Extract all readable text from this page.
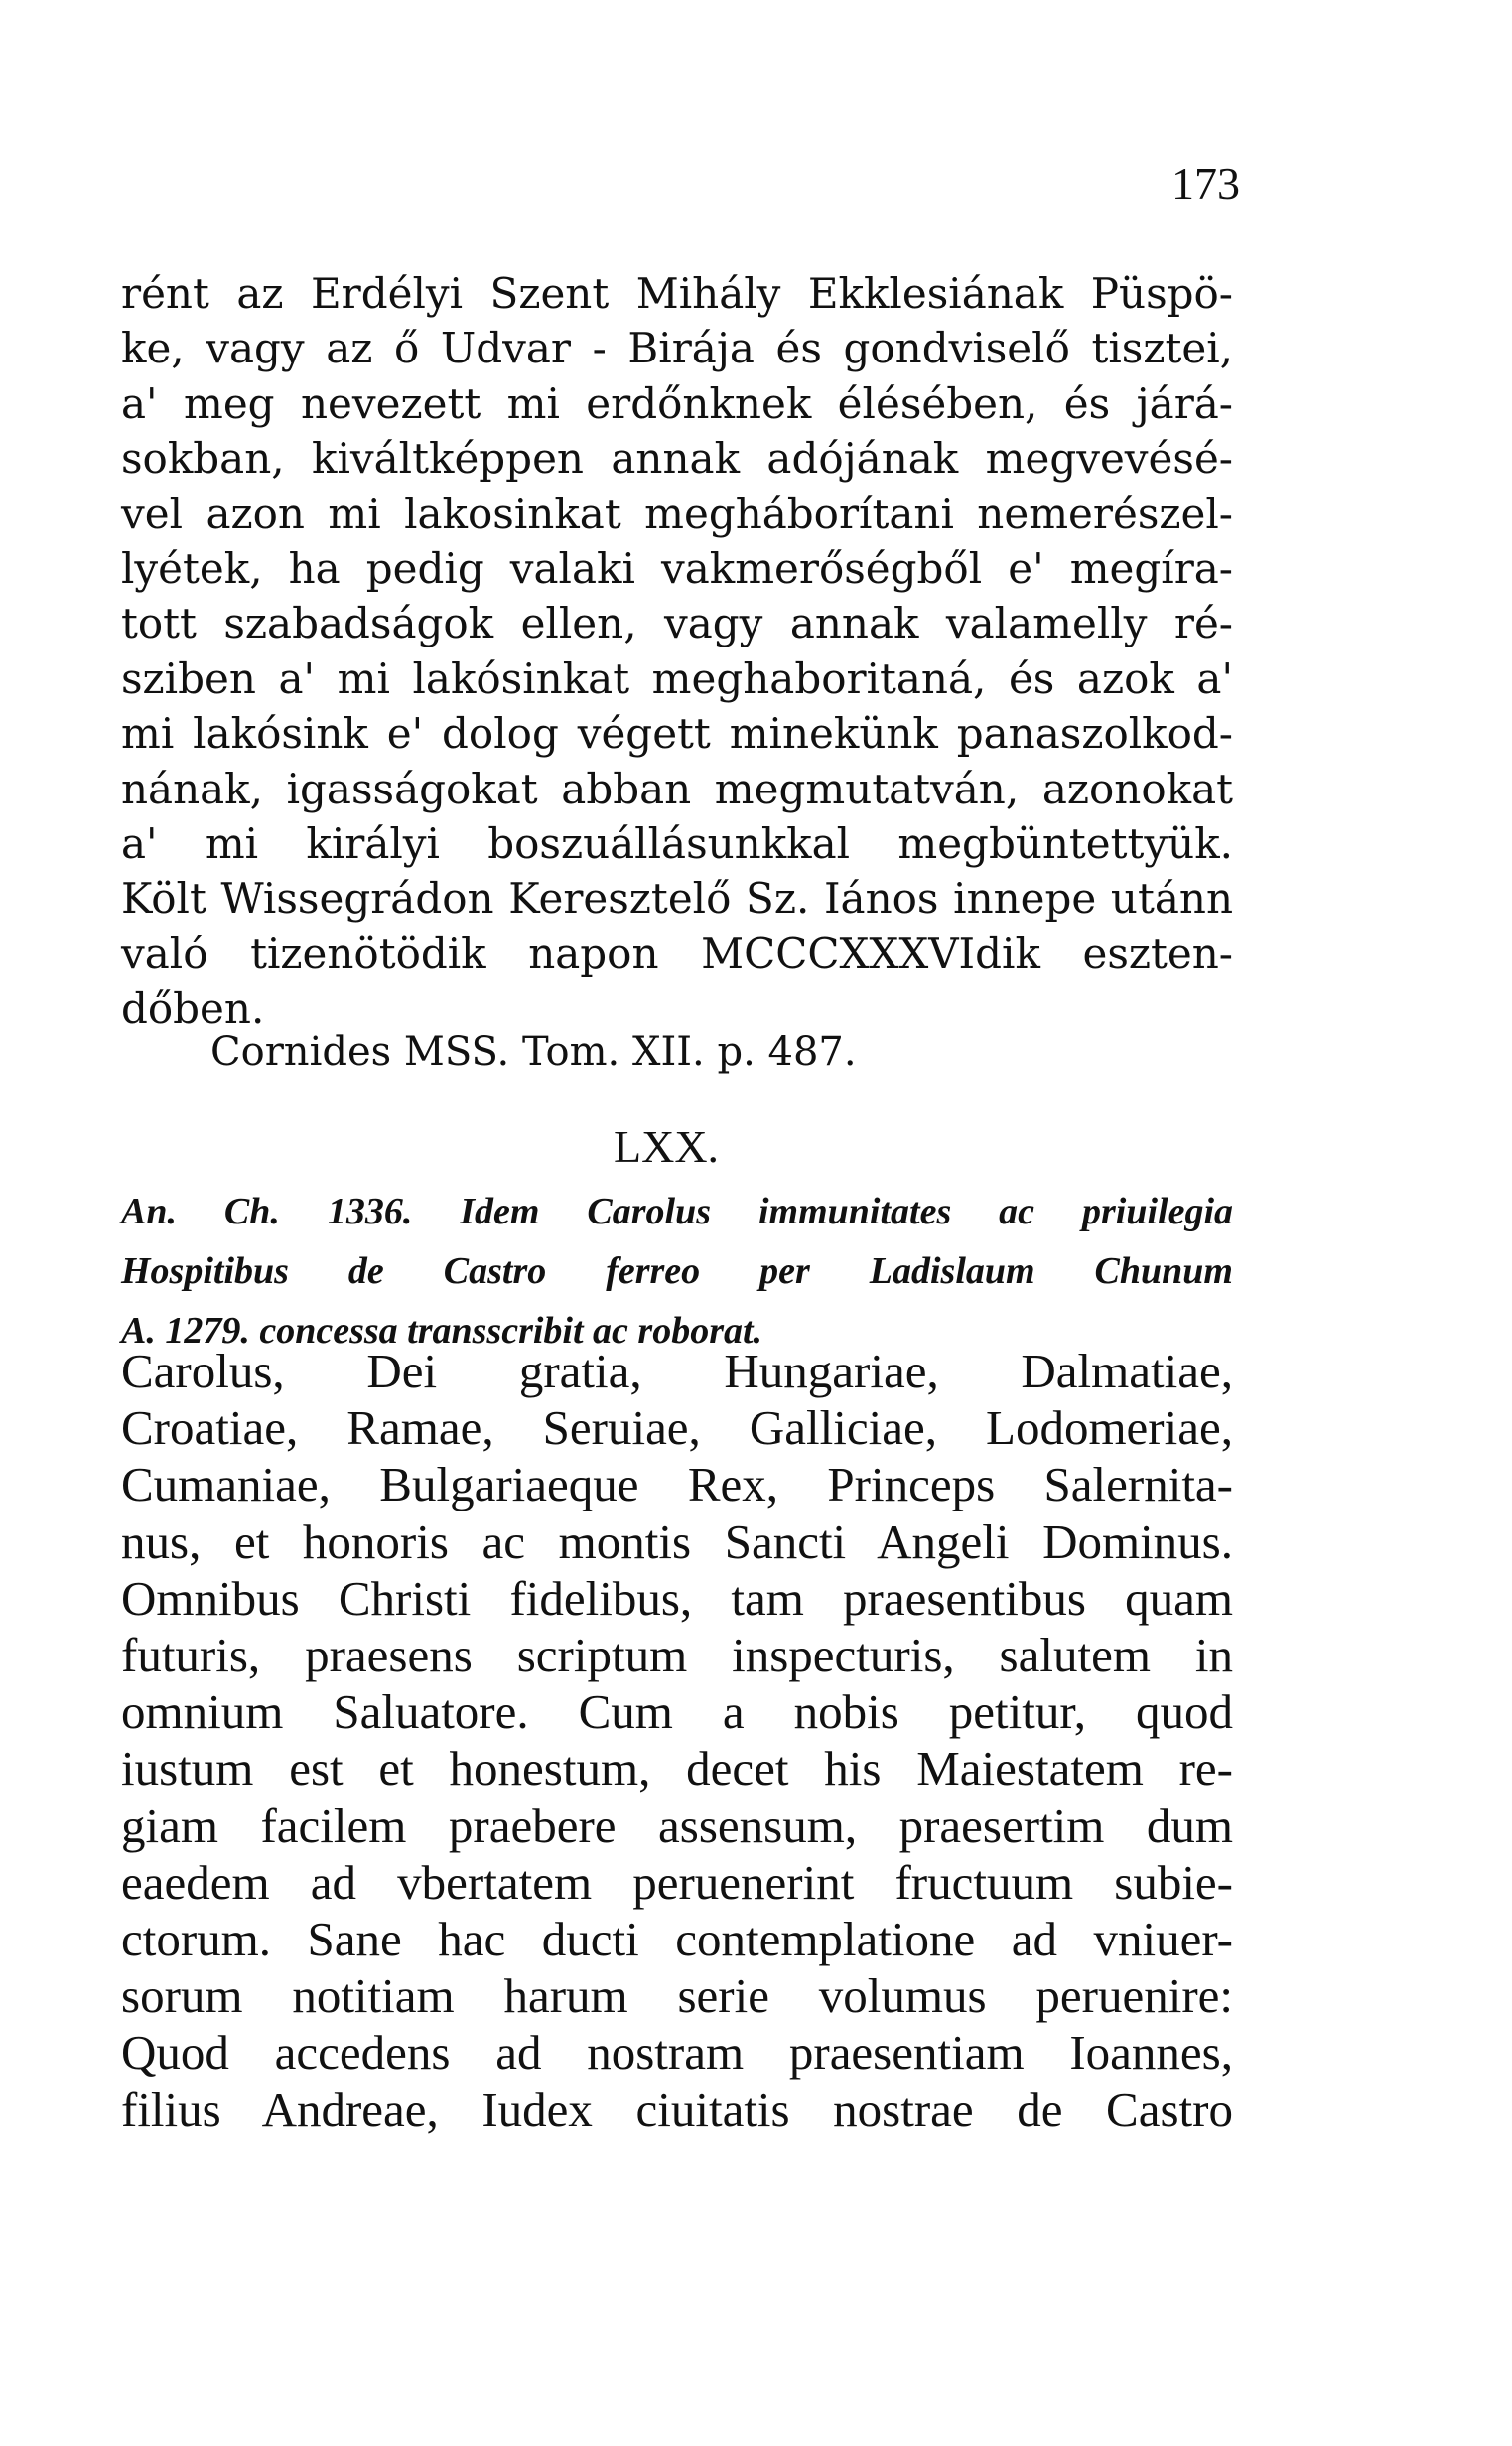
173
rént az Erdélyi Szent Mihály Ekklesiának Püspö-
ke, vagy az ő Udvar - Birája és gondviselő tisztei,
a' meg nevezett mi erdőnknek élésében, és járá-
sokban, kiváltképpen annak adójának megvevésé-
vel azon mi lakosinkat megháborítani nemerészel-
lyétek, ha pedig valaki vakmerőségből e' megíra-
tott szabadságok ellen, vagy annak valamelly ré-
sziben a' mi lakósinkat meghaboritaná, és azok a'
mi lakósink e' dolog végett minekünk panaszolkod-
nának, igasságokat abban megmutatván, azonokat
a' mi királyi boszuállásunkkal megbüntettyük.
Költ Wissegrádon Keresztelő Sz. Iános innepe utánn
való tizenötödik napon MCCCXXXVIdik eszten-
dőben.
Cornides MSS. Tom. XII. p. 487.
LXX.
An. Ch. 1336. Idem Carolus immunitates ac priuilegia
Hospitibus de Castro ferreo per Ladislaum Chunum
A. 1279. concessa transscribit ac roborat.
Carolus, Dei gratia, Hungariae, Dalmatiae,
Croatiae, Ramae, Seruiae, Galliciae, Lodomeriae,
Cumaniae, Bulgariaeque Rex, Princeps Salernita-
nus, et honoris ac montis Sancti Angeli Dominus.
Omnibus Christi fidelibus, tam praesentibus quam
futuris, praesens scriptum inspecturis, salutem in
omnium Saluatore. Cum a nobis petitur, quod
iustum est et honestum, decet his Maiestatem re-
giam facilem praebere assensum, praesertim dum
eaedem ad vbertatem peruenerint fructuum subie-
ctorum. Sane hac ducti contemplatione ad vniuer-
sorum notitiam harum serie volumus peruenire:
Quod accedens ad nostram praesentiam Ioannes,
filius Andreae, Iudex ciuitatis nostrae de Castro
